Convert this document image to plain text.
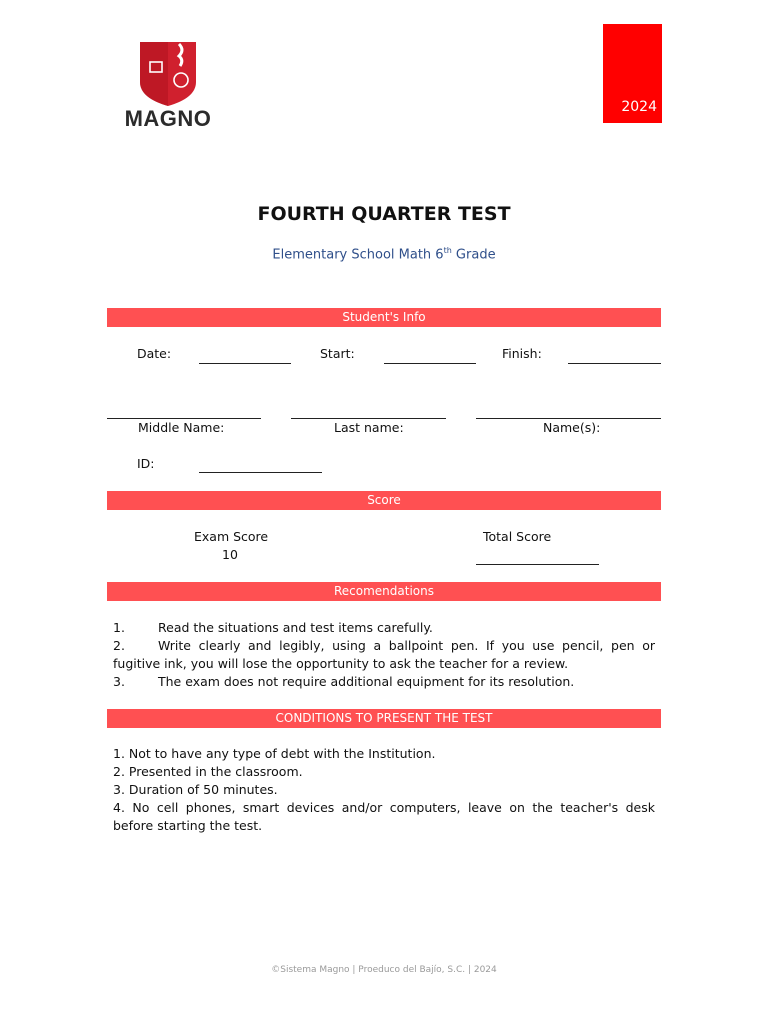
MAGNO	2024
FOURTH QUARTER TEST
Elementary School Math 6th Grade
Student's Info
Date:	Start:	Finish:
Middle Name:	Last name:	Name(s):
ID:
Score
Exam Score
10
Total Score
Recomendations
1.	Read the situations and test items carefully.
2.	Write clearly and legibly, using a ballpoint pen. If you use pencil, pen or fugitive ink, you will lose the opportunity to ask the teacher for a review.
3.	The exam does not require additional equipment for its resolution.
CONDITIONS TO PRESENT THE TEST
1. Not to have any type of debt with the Institution.
2. Presented in the classroom.
3. Duration of 50 minutes.
4. No cell phones, smart devices and/or computers, leave on the teacher's desk before starting the test.
©Sistema Magno | Proeduco del Bajío, S.C. | 2024
